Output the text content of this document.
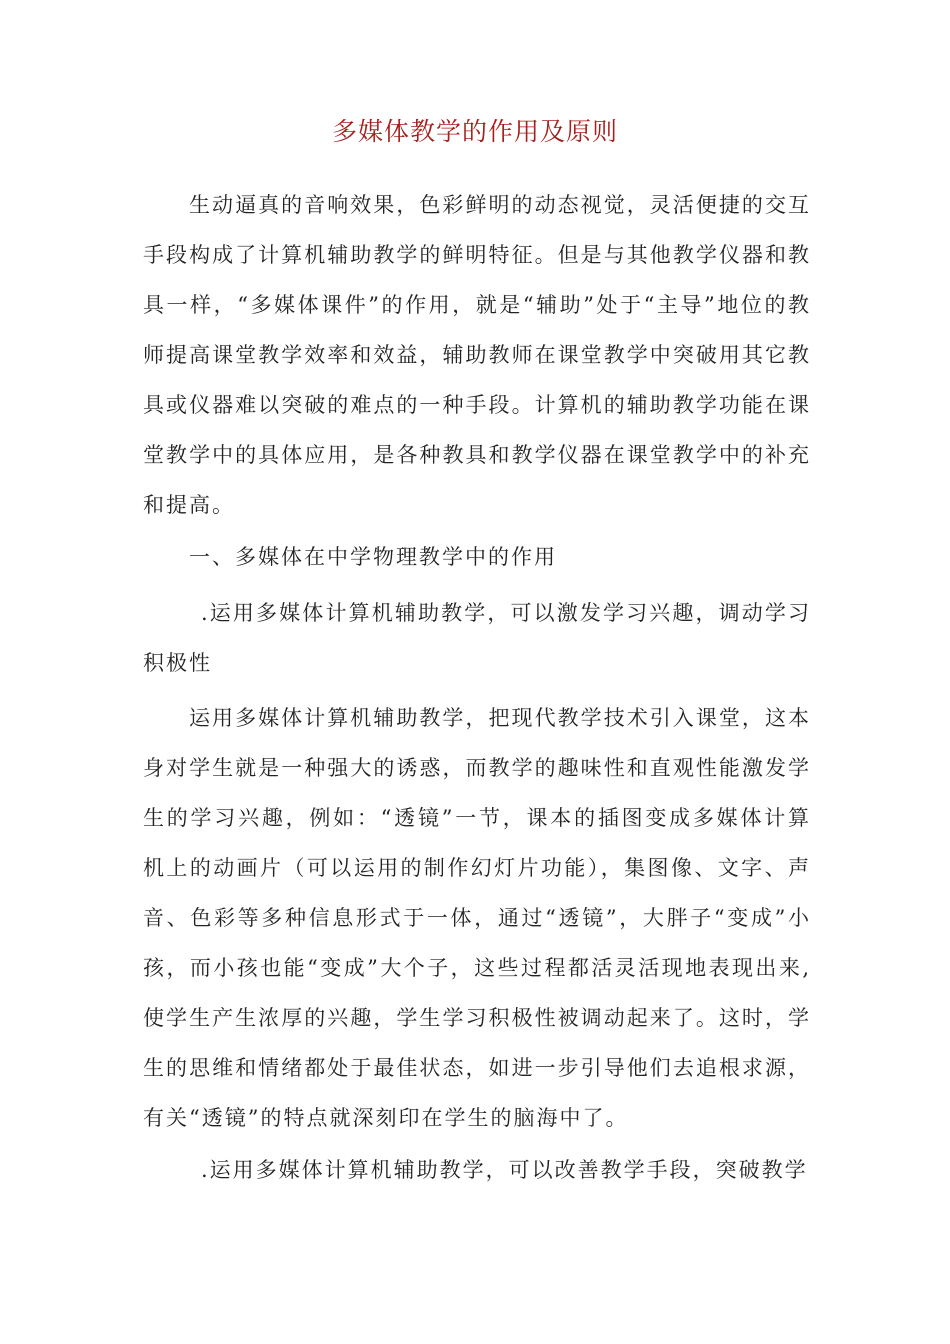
多媒体教学的作用及原则
生动逼真的音响效果，色彩鲜明的动态视觉，灵活便捷的交互手段构成了计算机辅助教学的鲜明特征。但是与其他教学仪器和教具一样，“多媒体课件”的作用，就是“辅助”处于“主导”地位的教师提高课堂教学效率和效益，辅助教师在课堂教学中突破用其它教具或仪器难以突破的难点的一种手段。计算机的辅助教学功能在课堂教学中的具体应用，是各种教具和教学仪器在课堂教学中的补充和提高。
一、多媒体在中学物理教学中的作用
.运用多媒体计算机辅助教学，可以激发学习兴趣，调动学习积极性
运用多媒体计算机辅助教学，把现代教学技术引入课堂，这本身对学生就是一种强大的诱惑，而教学的趣味性和直观性能激发学生的学习兴趣，例如：“透镜”一节，课本的插图变成多媒体计算机上的动画片（可以运用的制作幻灯片功能），集图像、文字、声音、色彩等多种信息形式于一体，通过“透镜”，大胖子“变成”小孩，而小孩也能“变成”大个子，这些过程都活灵活现地表现出来,使学生产生浓厚的兴趣，学生学习积极性被调动起来了。这时，学生的思维和情绪都处于最佳状态，如进一步引导他们去追根求源，有关“透镜”的特点就深刻印在学生的脑海中了。
.运用多媒体计算机辅助教学，可以改善教学手段，突破教学
